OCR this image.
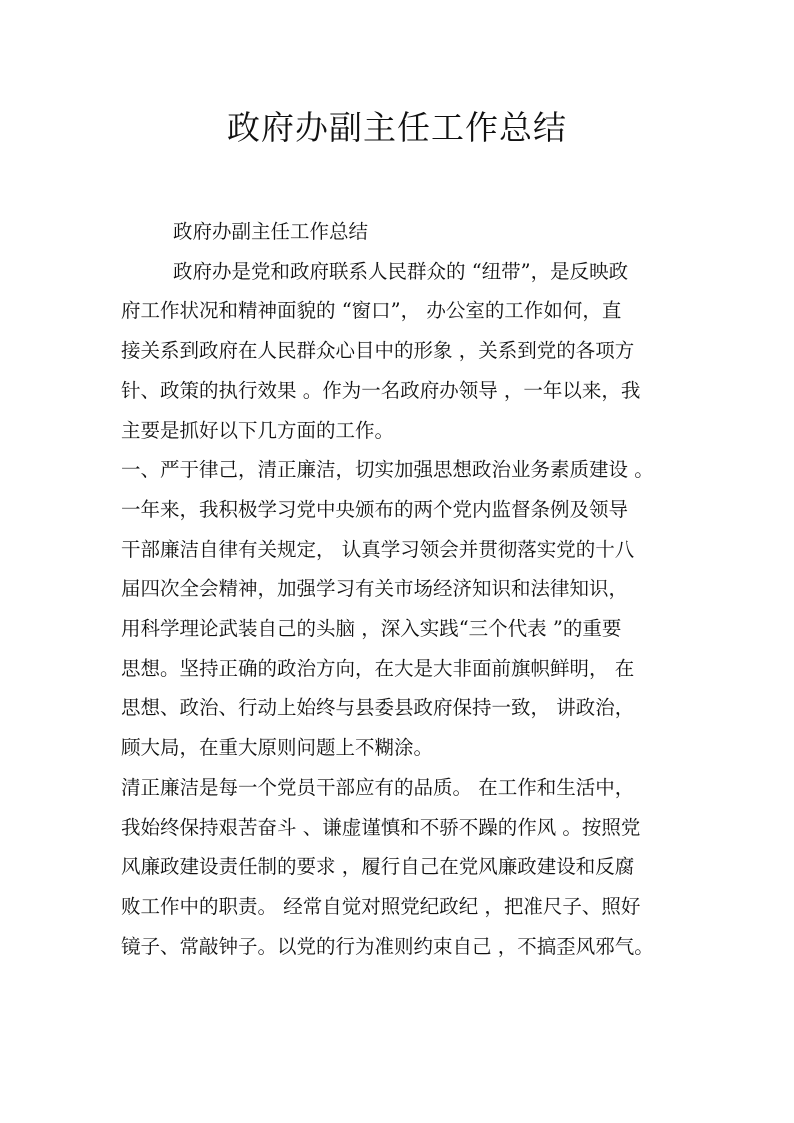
政府办副主任工作总结

政府办副主任工作总结

政府办是党和政府联系人民群众的 “纽带”，是反映政
府工作状况和精神面貌的 “窗口”， 办公室的工作如何，直
接关系到政府在人民群众心目中的形象 ，关系到党的各项方
针、政策的执行效果 。作为一名政府办领导 ，一年以来，我
主要是抓好以下几方面的工作。

一、严于律己，清正廉洁，切实加强思想政治业务素质建设 。
一年来，我积极学习党中央颁布的两个党内监督条例及领导
干部廉洁自律有关规定， 认真学习领会并贯彻落实党的十八
届四次全会精神，加强学习有关市场经济知识和法律知识，
用科学理论武装自己的头脑 ，深入实践“三个代表 ”的重要
思想。坚持正确的政治方向，在大是大非面前旗帜鲜明， 在
思想、政治、行动上始终与县委县政府保持一致， 讲政治，
顾大局，在重大原则问题上不糊涂。

清正廉洁是每一个党员干部应有的品质。 在工作和生活中，
我始终保持艰苦奋斗 、谦虚谨慎和不骄不躁的作风 。按照党
风廉政建设责任制的要求 ，履行自己在党风廉政建设和反腐
败工作中的职责。 经常自觉对照党纪政纪 ，把准尺子、照好
镜子、常敲钟子。以党的行为准则约束自己 ，不搞歪风邪气。
